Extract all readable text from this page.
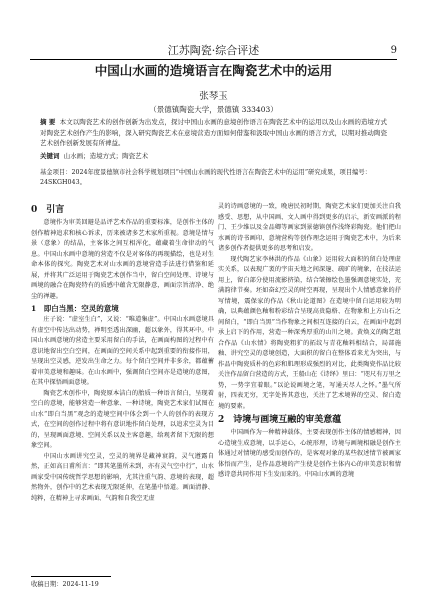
江苏陶瓷·综合评述	9
中国山水画的造境语言在陶瓷艺术中的运用
张琴玉
（景德镇陶瓷大学，景德镇 333403）
摘 要 本文以陶瓷艺术的创作创新为出发点，探讨中国山水画的意境创作语言在陶瓷艺术中的运用以及山水画的造境方式对陶瓷艺术创作产生的影响，深入研究陶瓷艺术在意境营造方面如何借鉴和汲取中国山水画的语言方式，以期对推动陶瓷艺术创作创新发展有所裨益。
关键词 山水画；造境方式；陶瓷艺术
基金项目：2024年度景德镇市社会科学规划项目“中国山水画的现代性语言在陶瓷艺术中的运用”研究成果，项目编号：24SKGH043。
0　引言

意境作为审美回避是品评艺术作品的重要标准，是创作主体的创作精神追求和核心诉求，历来被诸多艺术家所重视。意境是情与景（意象）的结晶，主客体之间互相浑化，蕴藏着生命律动的气息。中国山水画中意境的营造不仅是对客体的再现描绘，也是对生命本体的探究。陶瓷艺术对山水画的意境营造手法进行借鉴和延展，并将其广泛运用于陶瓷艺术创作当中，留白空间处理、诗境与画境的融合在陶瓷特有的质感中蕴含无限静意，画面宗旨清净、绝尘的禅趣。

1　即白当黑：空灵的意境

庄子说：“虚室生白”，又说：“唯道集虚”。中国山水画意境具有虚空中传达出动势，禅明至透出深幽，超以象外，得其环中。中国山水画意境的营造主要采用留白的手法，在画面构图的过程中有意识地留出空白空间，在画面的空间关系中起到重要的衔接作用，呈现出空灵感，逆发出生命之力。每个留白空间并非多余，都蕴蓄着审美意境和趣味。在山水画中，强调留白空间亦是造境的意图，在其中探悟画面意境。

陶瓷艺术创作中，陶瓷原本洁白的胎质一种语言留白，呈现着空白的意境，能够营造一种意象、一种诗境，陶瓷艺术家们试图在山水“即白当黑”观念的造境空间中体会到一个人的创作的表现方式，在空间的创作过程中将有意识地作留白处理，以追求空灵为目的，呈现画面意境、空间关系以及主客意趣，给观者留下无限的想象空间。

中国山水画讲究空灵，空灵的境界是藏神衰韵，灵气遵露自然，正如高日甫所言：“即其笔墨所未到，亦有灵气空中行”，山水画家受中国传统哲学思想的影响，尤其注重气韵、意境的表现，超然物外，创作中的艺术表现无限延伸，在笔墨中悟道。画面清静、纯粹，在精神上寻求画面、气韵和自我空无虚

灵的诗画意境的一致，晚唐民初时期，陶瓷艺术家们更加关注自我感受、思想，从中国画、文人画中得到更多的启示，新安画派的程门、王少维以及金品卿等画家到景德镇创作浅绛彩陶瓷。他们把山水画的诗书画印、意境营构等创作理念运用于陶瓷艺术中，为后来诸多创作者提供更多的思考和启发。

现代陶艺家李林洪的作品《山象》运用较大面积的留白处理虚实关系，以表现广袤的宇宙天地之间深邃、疏旷的境象，在技法运用上，留白部分使用流影挤染，结合皱擦绘色墨强调意境实处，充满韵律节奏。坯如奋幻空灵的时空再现，呈现出个人情感意象的抒写情境，震保家的作品《秋山论道图》在造境中留白运用较为明确，以典蕴颜色釉和粉彩结合呈现高贵隐格、在物象和上方山石之间留白，“即白当黑”当作物象之间相互连接的白云，在画面中起到承上启下的作用，营造一种深秀厚重的山川之境。黄焕义的陶艺组合作品《山水情》将陶瓷粗犷的拓纹与青花釉料相结合，局部施釉、讲究空灵的意境创造，大面积的留白在整体看来尤为突出，与作品中陶瓷质朴的色彩和肌理形成强烈的对比，此类陶瓷作品比较关注作品留白营造的方式，王船山在《诗绎》里曰：“咫尺有万里之势，一势字宜着眼。”以论说画境之笔，写通天尽人之怀。”墨气所射，四表无穷，无字处皆其意也，关注了艺术境界的空灵、留白造境的要素。

2　诗境与画境互融的审美意蕴

中国画作为一种精神载体，主要表现创作主体的情感精神，因心造境生成意境，以手运心，心统形理，诗境与画境相融是创作主体通过对情境的感受而创作的，是客观对象的某些叙述情节被画家体悟而产生，是作品意境的产生使是创作主体内心的审美意识和情感诗意共同作用下生发而来的。中国山水画的意境

收稿日期：2024-11-19
